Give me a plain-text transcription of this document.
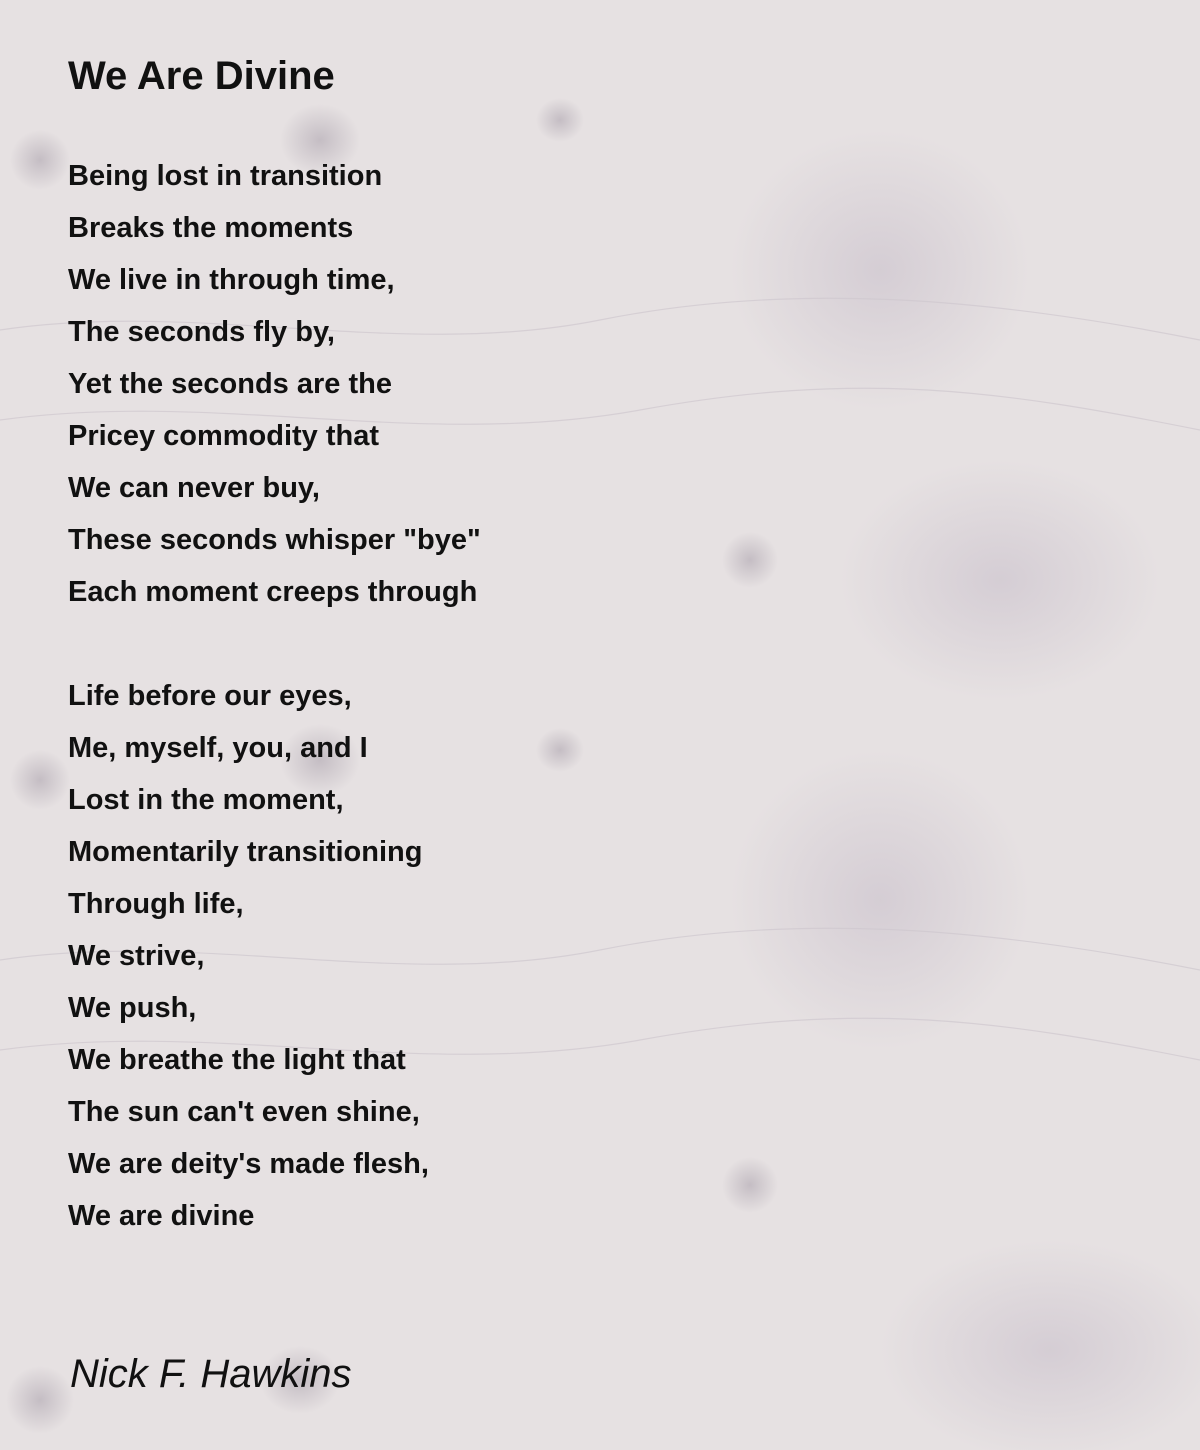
We Are Divine
Being lost in transition
Breaks the moments
We live in through time,
The seconds fly by,
Yet the seconds are the
Pricey commodity that
We can never buy,
These seconds whisper "bye"
Each moment creeps through
Life before our eyes,
Me, myself, you, and I
Lost in the moment,
Momentarily transitioning
Through life,
We strive,
We push,
We breathe the light that
The sun can't even shine,
We are deity's made flesh,
We are divine

Nick F. Hawkins
